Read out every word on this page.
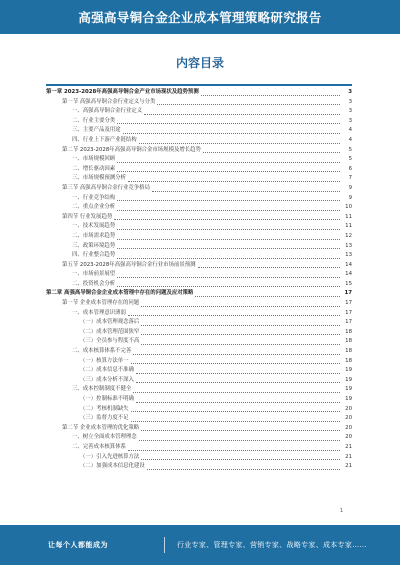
高强高导铜合金企业成本管理策略研究报告
内容目录
第一章 2023-2028年高强高导铜合金产业市场现状及趋势预测	3
第一节 高强高导铜合金行业定义与分类	3
一、高强高导铜合金行业定义	3
二、行业主要分类	3
三、主要产品及用途	4
四、行业上下游产业链结构	4
第二节 2023-2028年高强高导铜合金市场规模及增长趋势	5
一、市场规模回顾	5
二、增长驱动因素	6
三、市场规模预测分析	7
第三节 高强高导铜合金行业竞争格局	9
一、行业竞争结构	9
二、重点企业分析	10
第四节 行业发展趋势	11
一、技术发展趋势	11
二、市场需求趋势	12
三、政策环境趋势	13
四、行业整合趋势	13
第五节 2023-2028年高强高导铜合金行业市场前景预测	14
一、市场前景展望	14
二、投资机会分析	15
第二章 高强高导铜合金企业成本管理中存在的问题及应对策略	17
第一节 企业成本管理存在的问题	17
一、成本管理意识薄弱	17
（一）成本管理观念落后	17
（二）成本管理范围狭窄	18
（三）全员参与程度不高	18
二、成本核算体系不完善	18
（一）核算方法单一	18
（二）成本信息不准确	19
（三）成本分析不深入	19
三、成本控制制度不健全	19
（一）控制标准不明确	19
（二）考核机制缺失	20
（三）监督力度不足	20
第二节 企业成本管理的优化策略	20
一、树立全面成本管理理念	20
二、完善成本核算体系	21
（一）引入先进核算方法	21
（二）加强成本信息化建设	21
1
让每个人都能成为	行业专家、管理专家、营销专家、战略专家、成本专家……
